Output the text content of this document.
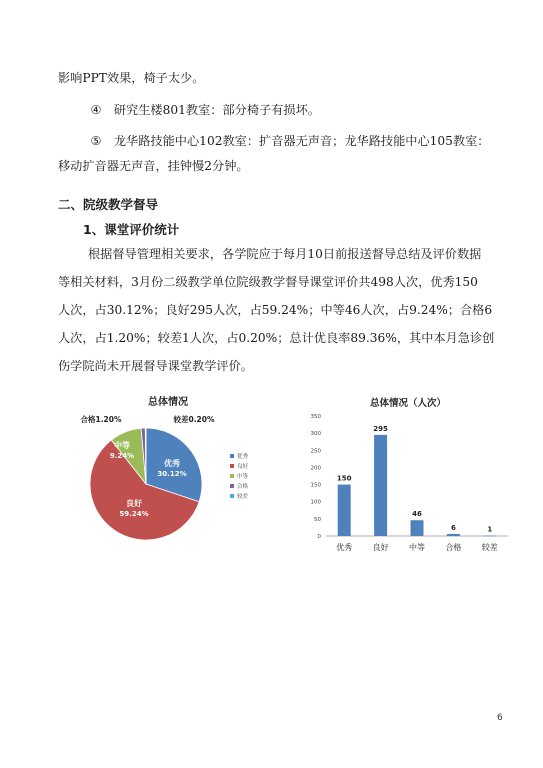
影响PPT效果，椅子太少。
④ 研究生楼801教室：部分椅子有损坏。
⑤ 龙华路技能中心102教室：扩音器无声音；龙华路技能中心105教室：
移动扩音器无声音，挂钟慢2分钟。
二、院级教学督导
1、课堂评价统计
根据督导管理相关要求，各学院应于每月10日前报送督导总结及评价数据
等相关材料，3月份二级教学单位院级教学督导课堂评价共498人次，优秀150
人次，占30.12%；良好295人次，占59.24%；中等46人次，占9.24%；合格6
人次，占1.20%；较差1人次，占0.20%；总计优良率89.36%，其中本月急诊创
伤学院尚未开展督导课堂教学评价。
总体情况
优秀
30.12%
良好
59.24%
中等
9.24%
合格1.20%	较差0.20%
优秀
良好
中等
合格
较差
总体情况（人次）
0
50
100
150
200
250
300
350
优秀	良好	中等	合格	较差
150
295
46
6	1
6
